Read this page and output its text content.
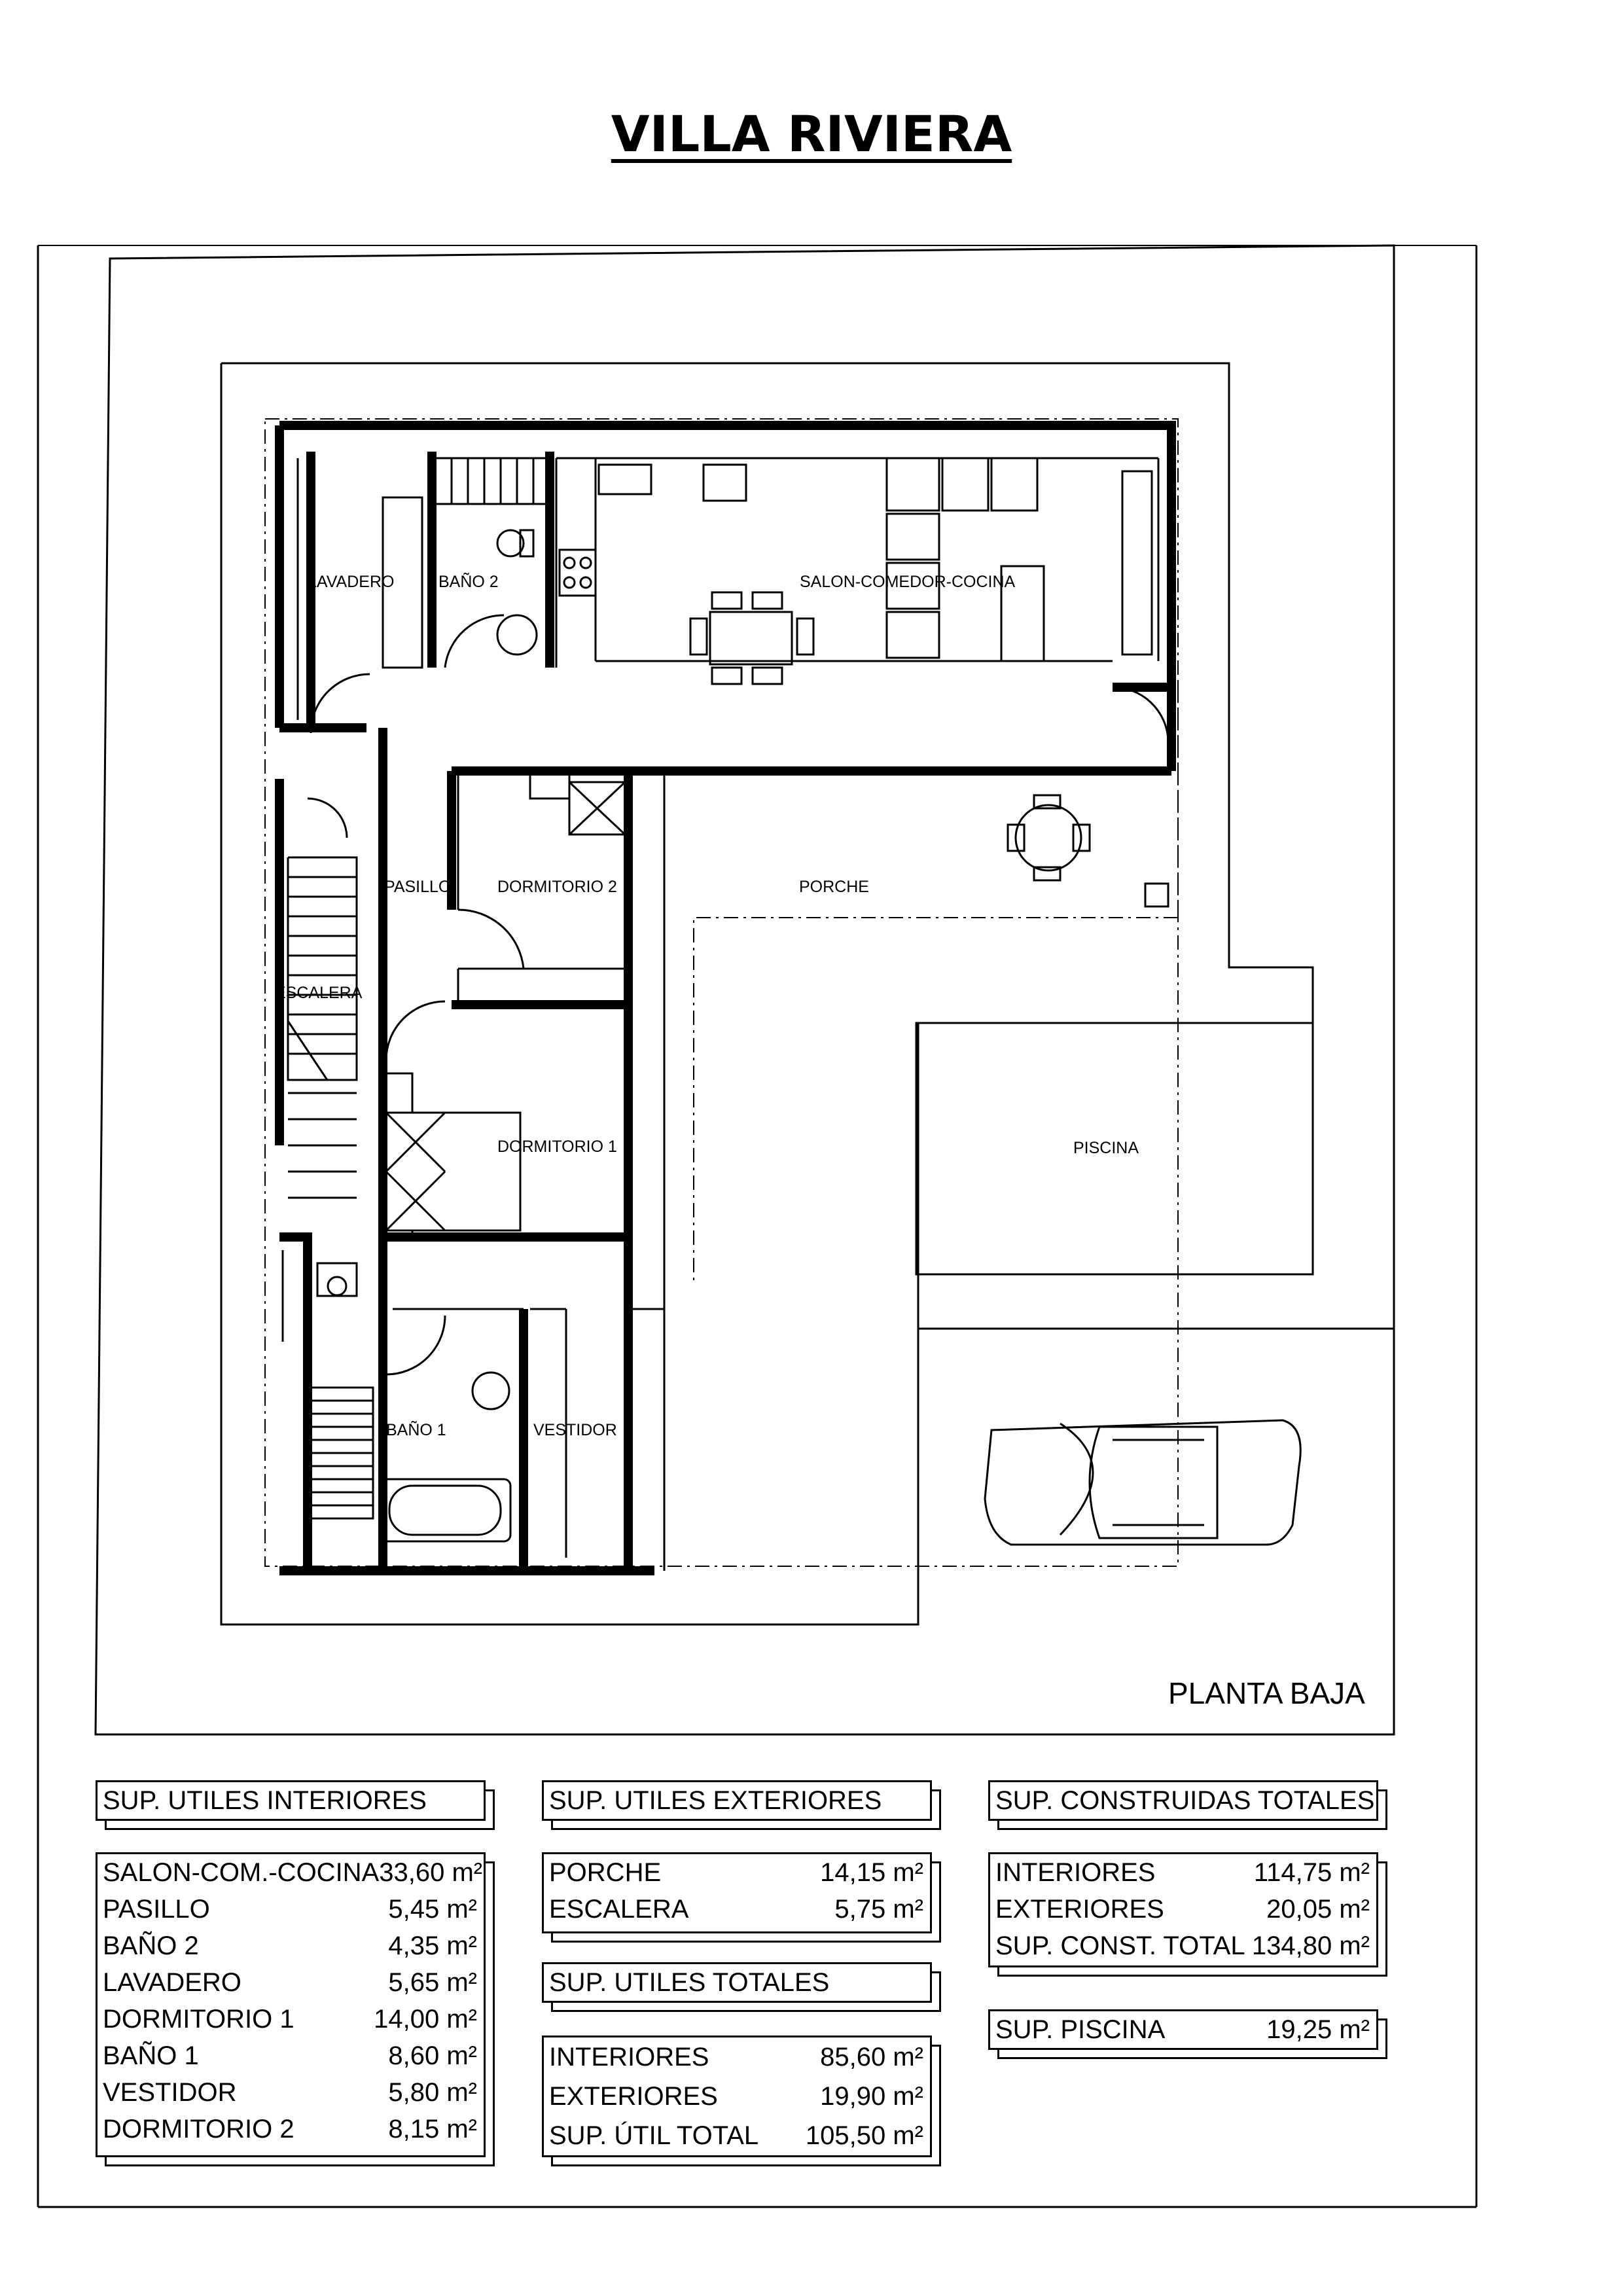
VILLA RIVIERA
LAVADERO	BAÑO 2	SALON-COMEDOR-COCINA
PASILLO	DORMITORIO 2	PORCHE
ESCALERA
DORMITORIO 1	PISCINA
BAÑO 1	VESTIDOR
PLANTA BAJA
SUP. UTILES INTERIORES
SALON-COM.-COCINA 33,60 m²
PASILLO	5,45 m²
BAÑO 2	4,35 m²
LAVADERO	5,65 m²
DORMITORIO 1	14,00 m²
BAÑO 1	8,60 m²
VESTIDOR	5,80 m²
DORMITORIO 2	8,15 m²
SUP. UTILES EXTERIORES
PORCHE	14,15 m²
ESCALERA	5,75 m²
SUP. UTILES TOTALES
INTERIORES	85,60 m²
EXTERIORES	19,90 m²
SUP. ÚTIL TOTAL 105,50 m²
SUP. CONSTRUIDAS TOTALES
INTERIORES	114,75 m²
EXTERIORES	20,05 m²
SUP. CONST. TOTAL 134,80 m²
SUP. PISCINA	19,25 m²
